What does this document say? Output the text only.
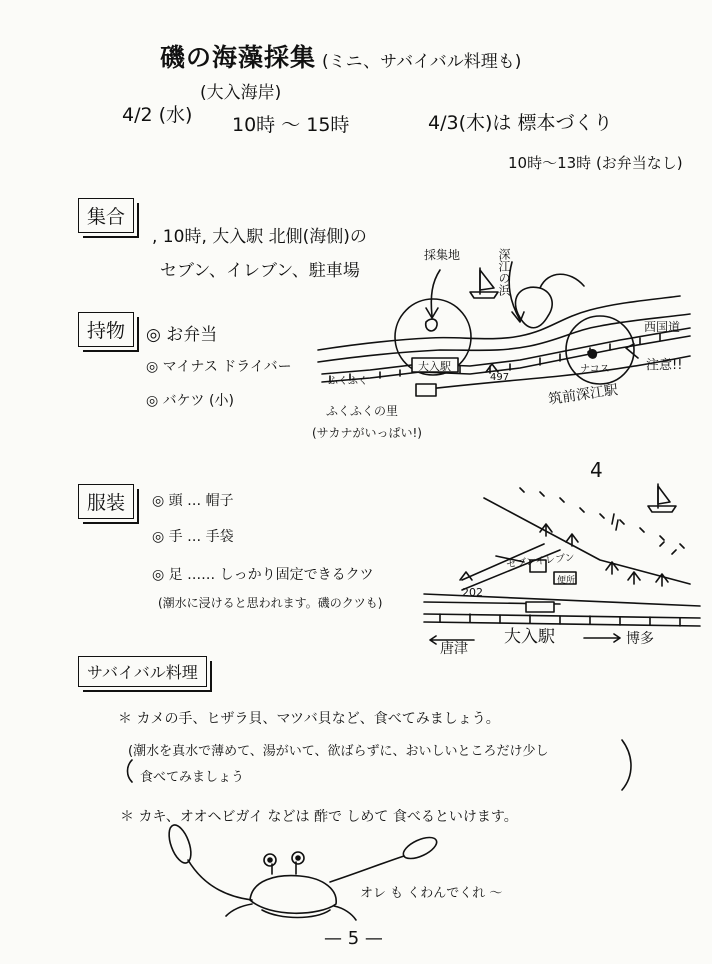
磯の海藻採集 (ミニ、サバイバル料理も)
(大入海岸)
4/2 (水) 10時 〜 15時	4/3(木)は 標本づくり
10時〜13時 (お弁当なし)
集合
, 10時, 大入駅 北側(海側)の
セブン、イレブン、駐車場
持物	◎ お弁当
◎ マイナス ドライバー
◎ バケツ (小)
採集地	深江の浜
西国道
注意!!
大入駅
497
ナコス
筑前深江駅
ふくふく
ふくふくの里
(サカナがいっぱい!)
服装	◎ 頭 … 帽子
◎ 手 … 手袋
◎ 足 …… しっかり固定できるクツ
(潮水に浸けると思われます。磯のクツも)
4
セブンイレブン
便所
202
大入駅
唐津
博多
サバイバル料理
＊ カメの手、ヒザラ貝、マツバ貝など、食べてみましょう。
(潮水を真水で薄めて、湯がいて、欲ばらずに、おいしいところだけ少し
食べてみましょう
＊ カキ、オオヘビガイ などは 酢で しめて 食べるといけます。
オレ も くわんでくれ 〜
— 5 —
